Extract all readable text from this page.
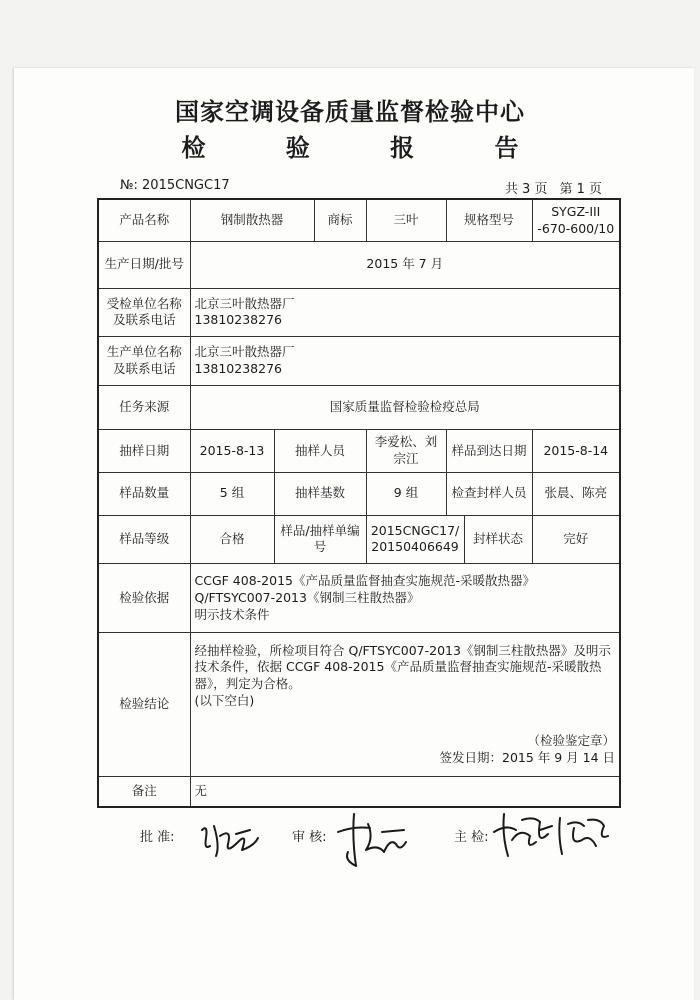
国家空调设备质量监督检验中心
检 验 报 告
№: 2015CNGC17	共 3 页 第 1 页
产品名称	钢制散热器		商标	三叶	规格型号		SYGZ-III -670-600/10
生产日期/批号	2015 年 7 月						
受检单位名称及联系电话	北京三叶散热器厂
13810238276						

生产单位名称及联系电话	北京三叶散热器厂
13810238276						

任务来源	国家质量监督检验检疫总局						
抽样日期	2015-8-13	抽样人员		李爱松、刘宗江	样品到达日期		2015-8-14
样品数量	5 组	抽样基数		9 组	检查封样人员		张晨、陈亮
样品等级	合格	样品/抽样单编号		2015CNGC17/ 20150406649		封样状态	完好
检验依据	CCGF 408-2015《产品质量监督抽查实施规范-采暖散热器》
Q/FTSYC007-2013《钢制三柱散热器》
明示技术条件						

检验结论	经抽样检验，所检项目符合 Q/FTSYC007-2013《钢制三柱散热器》及明示技术条件，依据 CCGF 408-2015《产品质量监督抽查实施规范-采暖散热器》，判定为合格。
(以下空白)
（检验鉴定章）
签发日期：2015 年 9 月 14 日						

备注	无						
批 准:	审 核:	主 检:
